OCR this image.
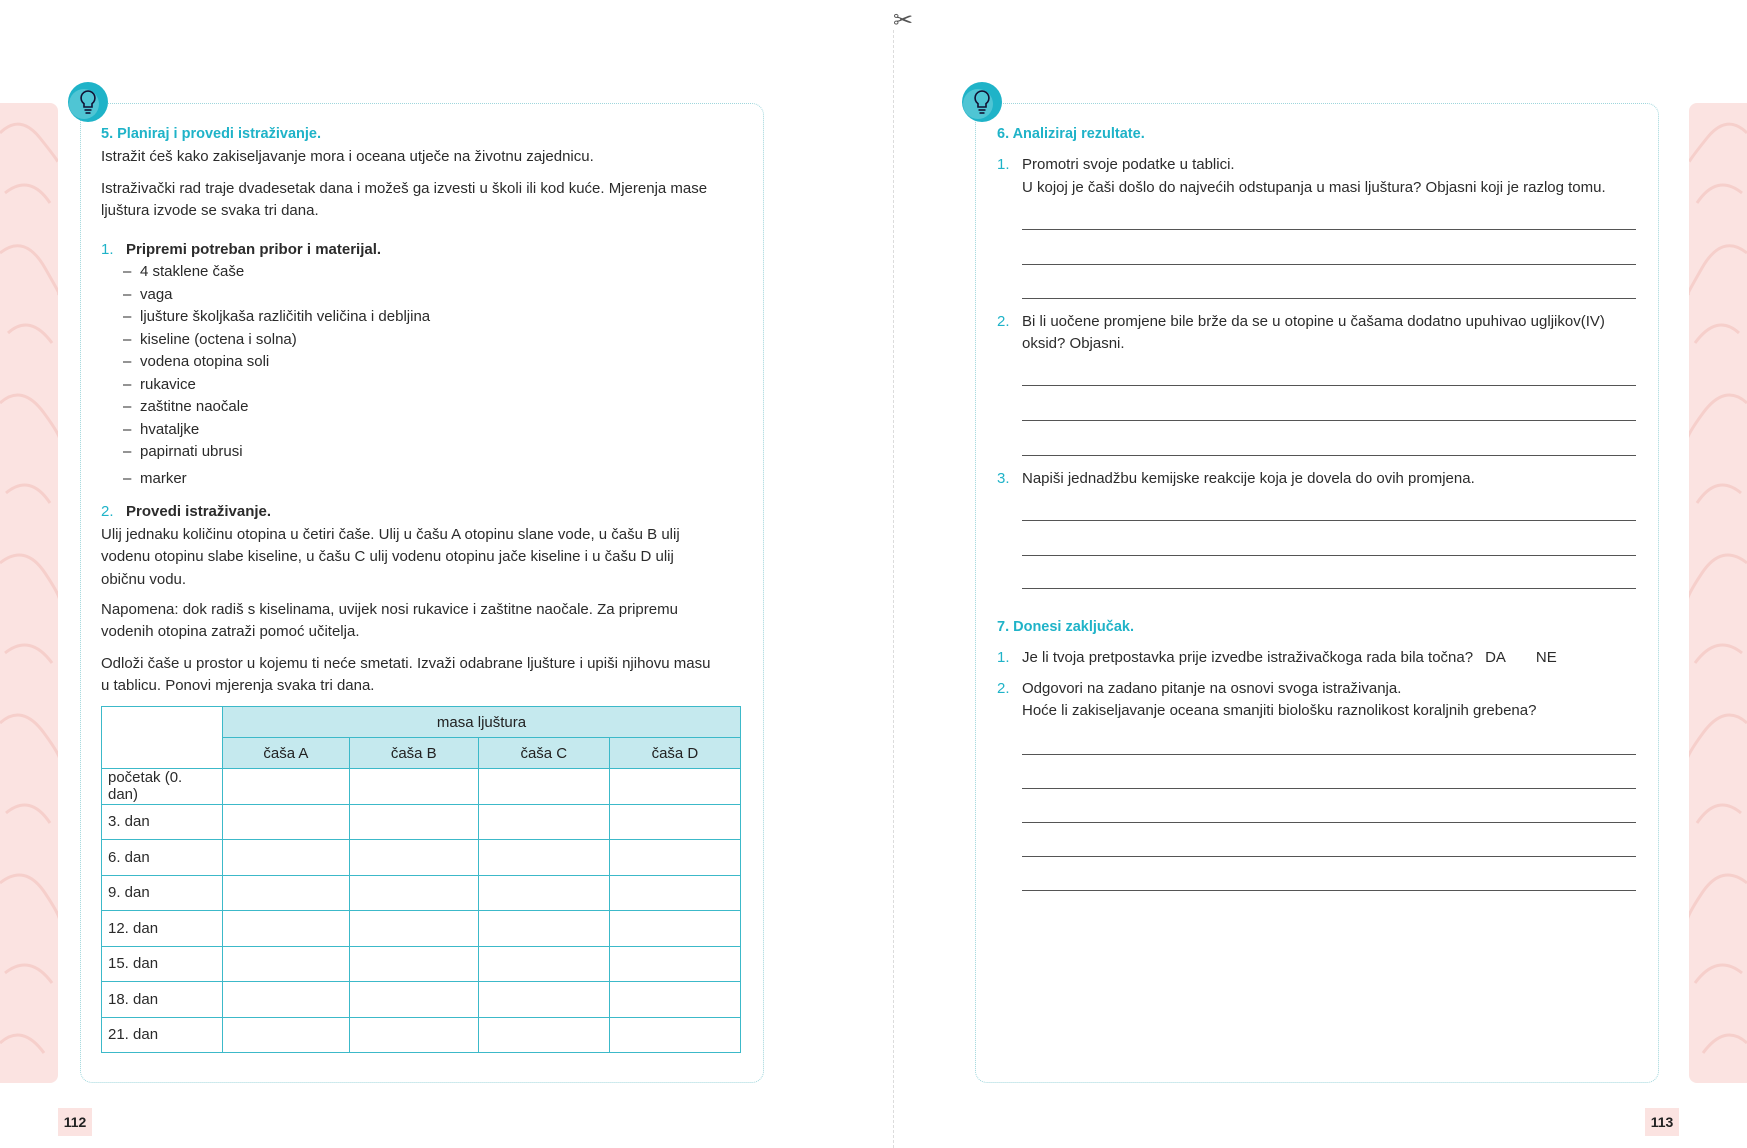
✂
5. Planiraj i provedi istraživanje.
Istražit ćeš kako zakiseljavanje mora i oceana utječe na životnu zajednicu.
Istraživački rad traje dvadesetak dana i možeš ga izvesti u školi ili kod kuće. Mjerenja mase
ljuštura izvode se svaka tri dana.
1. Pripremi potreban pribor i materijal.
– 4 staklene čaše
– vaga
– ljušture školjkaša različitih veličina i debljina
– kiseline (octena i solna)
– vodena otopina soli
– rukavice
– zaštitne naočale
– hvataljke
– papirnati ubrusi
– marker
2. Provedi istraživanje.
Ulij jednaku količinu otopina u četiri čaše. Ulij u čašu A otopinu slane vode, u čašu B ulij
vodenu otopinu slabe kiseline, u čašu C ulij vodenu otopinu jače kiseline i u čašu D ulij
običnu vodu.
Napomena: dok radiš s kiselinama, uvijek nosi rukavice i zaštitne naočale. Za pripremu
vodenih otopina zatraži pomoć učitelja.
Odloži čaše u prostor u kojemu ti neće smetati. Izvaži odabrane ljušture i upiši njihovu masu
u tablicu. Ponovi mjerenja svaka tri dana.
	masa ljuštura			
	čaša A	čaša B	čaša C	čaša D
početak (0. dan)				
3. dan				
6. dan				
9. dan				
12. dan				
15. dan				
18. dan				
21. dan				
112
6. Analiziraj rezultate.
1. Promotri svoje podatke u tablici.
U kojoj je čaši došlo do najvećih odstupanja u masi ljuštura? Objasni koji je razlog tomu.
2. Bi li uočene promjene bile brže da se u otopine u čašama dodatno upuhivao ugljikov(IV)
oksid? Objasni.
3. Napiši jednadžbu kemijske reakcije koja je dovela do ovih promjena.
7. Donesi zaključak.
1. Je li tvoja pretpostavka prije izvedbe istraživačkoga rada bila točna? DA NE
2. Odgovori na zadano pitanje na osnovi svoga istraživanja.
Hoće li zakiseljavanje oceana smanjiti biološku raznolikost koraljnih grebena?
113
